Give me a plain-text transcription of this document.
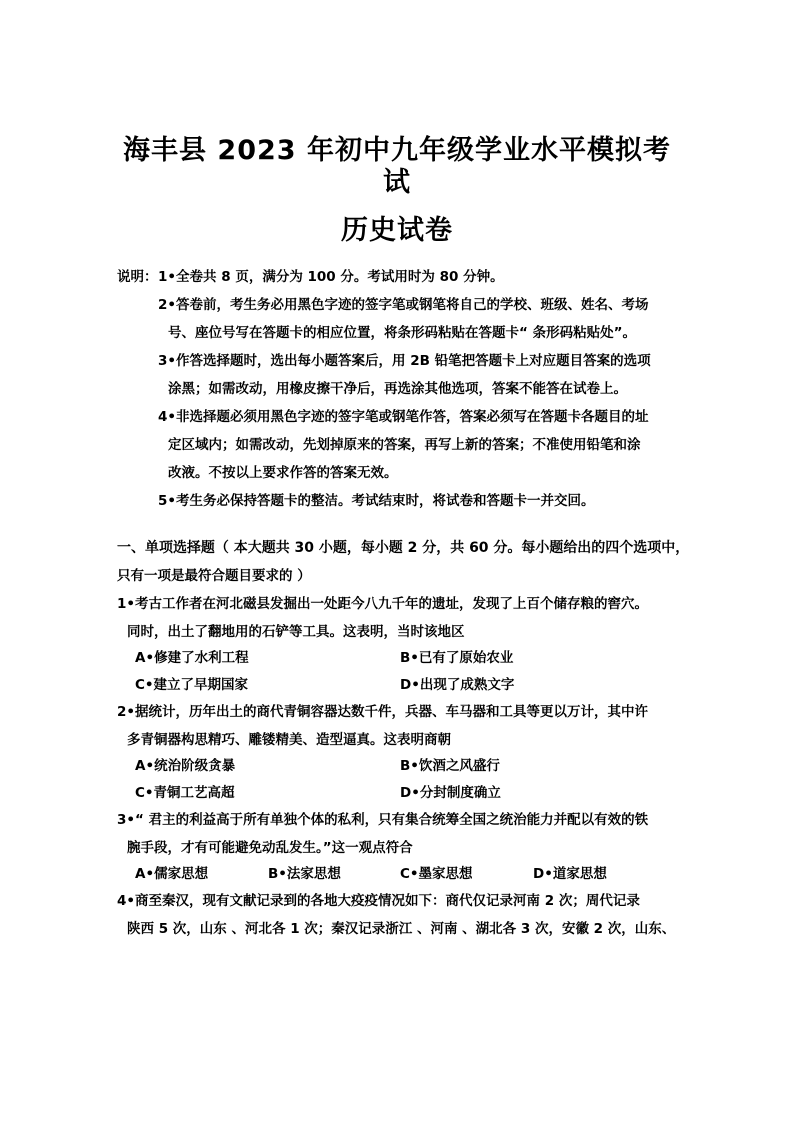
海丰县 2023 年初中九年级学业水平模拟考
试
历史试卷
说明： 1•全卷共 8 页，满分为 100 分。考试用时为 80 分钟。
2•答卷前，考生务必用黑色字迹的签字笔或钢笔将自己的学校、班级、姓名、考场
号、座位号写在答题卡的相应位置，将条形码粘贴在答题卡“ 条形码粘贴处”。
3•作答选择题时，选出每小题答案后，用 2B 铅笔把答题卡上对应题目答案的选项
涂黑；如需改动，用橡皮擦干净后，再选涂其他选项，答案不能答在试卷上。
4•非选择题必须用黑色字迹的签字笔或钢笔作答，答案必须写在答题卡各题目的址
定区域内；如需改动，先划掉原来的答案，再写上新的答案；不准使用铅笔和涂
改液。不按以上要求作答的答案无效。
5•考生务必保持答题卡的整洁。考试结束时，将试卷和答题卡一并交回。
一、单项选择题（ 本大题共 30 小题，每小题 2 分，共 60 分。每小题给出的四个选项中，
只有一项是最符合题目要求的 ）
1•考古工作者在河北磁县发掘出一处距今八九千年的遗址，发现了上百个储存粮的窖穴。
同时，出土了翻地用的石铲等工具。这表明，当时该地区
A•修建了水利工程	B•已有了原始农业
C•建立了早期国家	D•出现了成熟文字
2•据统计，历年出土的商代青铜容器达数千件，兵器、车马器和工具等更以万计，其中许
多青铜器构思精巧、雕镂精美、造型逼真。这表明商朝
A•统治阶级贪暴	B•饮酒之风盛行
C•青铜工艺高超	D•分封制度确立
3•“ 君主的利益高于所有单独个体的私利，只有集合统筹全国之统治能力并配以有效的铁
腕手段，才有可能避免动乱发生。”这一观点符合
A•儒家思想	B•法家思想	C•墨家思想	D•道家思想
4•商至秦汉，现有文献记录到的各地大疫疫情况如下：商代仅记录河南 2 次；周代记录
陕西 5 次，山东 、河北各 1 次；秦汉记录浙江 、河南 、湖北各 3 次，安徽 2 次，山东、
